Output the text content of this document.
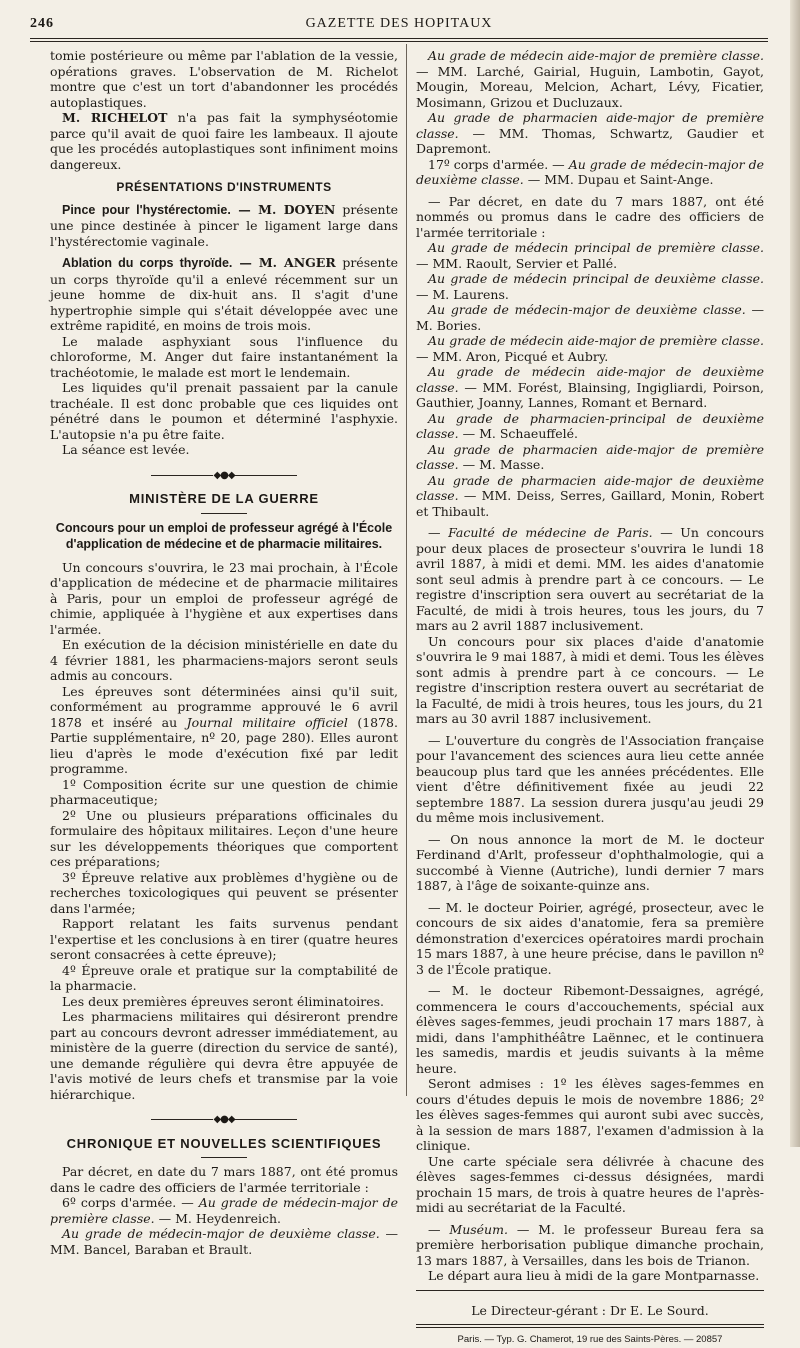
246	GAZETTE DES HOPITAUX

tomie postérieure ou même par l'ablation de la vessie, opérations graves. L'observation de M. Richelot montre que c'est un tort d'abandonner les procédés autoplastiques.

M. RICHELOT n'a pas fait la symphyséotomie parce qu'il avait de quoi faire les lambeaux. Il ajoute que les procédés autoplastiques sont infiniment moins dangereux.

PRÉSENTATIONS D'INSTRUMENTS

Pince pour l'hystérectomie. — M. DOYEN présente une pince destinée à pincer le ligament large dans l'hystérectomie vaginale.

Ablation du corps thyroïde. — M. ANGER présente un corps thyroïde qu'il a enlevé récemment sur un jeune homme de dix-huit ans. Il s'agit d'une hypertrophie simple qui s'était développée avec une extrême rapidité, en moins de trois mois.

Le malade asphyxiant sous l'influence du chloroforme, M. Anger dut faire instantanément la trachéotomie, le malade est mort le lendemain.

Les liquides qu'il prenait passaient par la canule trachéale. Il est donc probable que ces liquides ont pénétré dans le poumon et déterminé l'asphyxie. L'autopsie n'a pu être faite.

La séance est levée.

◆●◆
MINISTÈRE DE LA GUERRE
Concours pour un emploi de professeur agrégé à l'École d'application de médecine et de pharmacie militaires.

Un concours s'ouvrira, le 23 mai prochain, à l'École d'application de médecine et de pharmacie militaires à Paris, pour un emploi de professeur agrégé de chimie, appliquée à l'hygiène et aux expertises dans l'armée.

En exécution de la décision ministérielle en date du 4 février 1881, les pharmaciens-majors seront seuls admis au concours.

Les épreuves sont déterminées ainsi qu'il suit, conformément au programme approuvé le 6 avril 1878 et inséré au Journal militaire officiel (1878. Partie supplémentaire, nº 20, page 280). Elles auront lieu d'après le mode d'exécution fixé par ledit programme.

1º Composition écrite sur une question de chimie pharmaceutique;

2º Une ou plusieurs préparations officinales du formulaire des hôpitaux militaires. Leçon d'une heure sur les développements théoriques que comportent ces préparations;

3º Épreuve relative aux problèmes d'hygiène ou de recherches toxicologiques qui peuvent se présenter dans l'armée;

Rapport relatant les faits survenus pendant l'expertise et les conclusions à en tirer (quatre heures seront consacrées à cette épreuve);

4º Épreuve orale et pratique sur la comptabilité de la pharmacie.

Les deux premières épreuves seront éliminatoires.

Les pharmaciens militaires qui désireront prendre part au concours devront adresser immédiatement, au ministère de la guerre (direction du service de santé), une demande régulière qui devra être appuyée de l'avis motivé de leurs chefs et transmise par la voie hiérarchique.

◆●◆
CHRONIQUE ET NOUVELLES SCIENTIFIQUES

Par décret, en date du 7 mars 1887, ont été promus dans le cadre des officiers de l'armée territoriale :

6º corps d'armée. — Au grade de médecin-major de première classe. — M. Heydenreich.

Au grade de médecin-major de deuxième classe. — MM. Bancel, Baraban et Brault.

Au grade de médecin aide-major de première classe. — MM. Larché, Gairial, Huguin, Lambotin, Gayot, Mougin, Moreau, Melcion, Achart, Lévy, Ficatier, Mosimann, Grizou et Ducluzaux.

Au grade de pharmacien aide-major de première classe. — MM. Thomas, Schwartz, Gaudier et Dapremont.

17º corps d'armée. — Au grade de médecin-major de deuxième classe. — MM. Dupau et Saint-Ange.

— Par décret, en date du 7 mars 1887, ont été nommés ou promus dans le cadre des officiers de l'armée territoriale :

Au grade de médecin principal de première classe. — MM. Raoult, Servier et Pallé.

Au grade de médecin principal de deuxième classe. — M. Laurens.

Au grade de médecin-major de deuxième classe. — M. Bories.

Au grade de médecin aide-major de première classe. — MM. Aron, Picqué et Aubry.

Au grade de médecin aide-major de deuxième classe. — MM. Forést, Blainsing, Ingigliardi, Poirson, Gauthier, Joanny, Lannes, Romant et Bernard.

Au grade de pharmacien-principal de deuxième classe. — M. Schaeuffelé.

Au grade de pharmacien aide-major de première classe. — M. Masse.

Au grade de pharmacien aide-major de deuxième classe. — MM. Deiss, Serres, Gaillard, Monin, Robert et Thibault.

— Faculté de médecine de Paris. — Un concours pour deux places de prosecteur s'ouvrira le lundi 18 avril 1887, à midi et demi. MM. les aides d'anatomie sont seul admis à prendre part à ce concours. — Le registre d'inscription sera ouvert au secrétariat de la Faculté, de midi à trois heures, tous les jours, du 7 mars au 2 avril 1887 inclusivement.

Un concours pour six places d'aide d'anatomie s'ouvrira le 9 mai 1887, à midi et demi. Tous les élèves sont admis à prendre part à ce concours. — Le registre d'inscription restera ouvert au secrétariat de la Faculté, de midi à trois heures, tous les jours, du 21 mars au 30 avril 1887 inclusivement.

— L'ouverture du congrès de l'Association française pour l'avancement des sciences aura lieu cette année beaucoup plus tard que les années précédentes. Elle vient d'être définitivement fixée au jeudi 22 septembre 1887. La session durera jusqu'au jeudi 29 du même mois inclusivement.

— On nous annonce la mort de M. le docteur Ferdinand d'Arlt, professeur d'ophthalmologie, qui a succombé à Vienne (Autriche), lundi dernier 7 mars 1887, à l'âge de soixante-quinze ans.

— M. le docteur Poirier, agrégé, prosecteur, avec le concours de six aides d'anatomie, fera sa première démonstration d'exercices opératoires mardi prochain 15 mars 1887, à une heure précise, dans le pavillon nº 3 de l'École pratique.

— M. le docteur Ribemont-Dessaignes, agrégé, commencera le cours d'accouchements, spécial aux élèves sages-femmes, jeudi prochain 17 mars 1887, à midi, dans l'amphithéâtre Laënnec, et le continuera les samedis, mardis et jeudis suivants à la même heure.

Seront admises : 1º les élèves sages-femmes en cours d'études depuis le mois de novembre 1886; 2º les élèves sages-femmes qui auront subi avec succès, à la session de mars 1887, l'examen d'admission à la clinique.

Une carte spéciale sera délivrée à chacune des élèves sages-femmes ci-dessus désignées, mardi prochain 15 mars, de trois à quatre heures de l'après-midi au secrétariat de la Faculté.

— Muséum. — M. le professeur Bureau fera sa première herborisation publique dimanche prochain, 13 mars 1887, à Versailles, dans les bois de Trianon.

Le départ aura lieu à midi de la gare Montparnasse.

Le Directeur-gérant : Dr E. Le Sourd.
Paris. — Typ. G. Chamerot, 19 rue des Saints-Pères. — 20857
